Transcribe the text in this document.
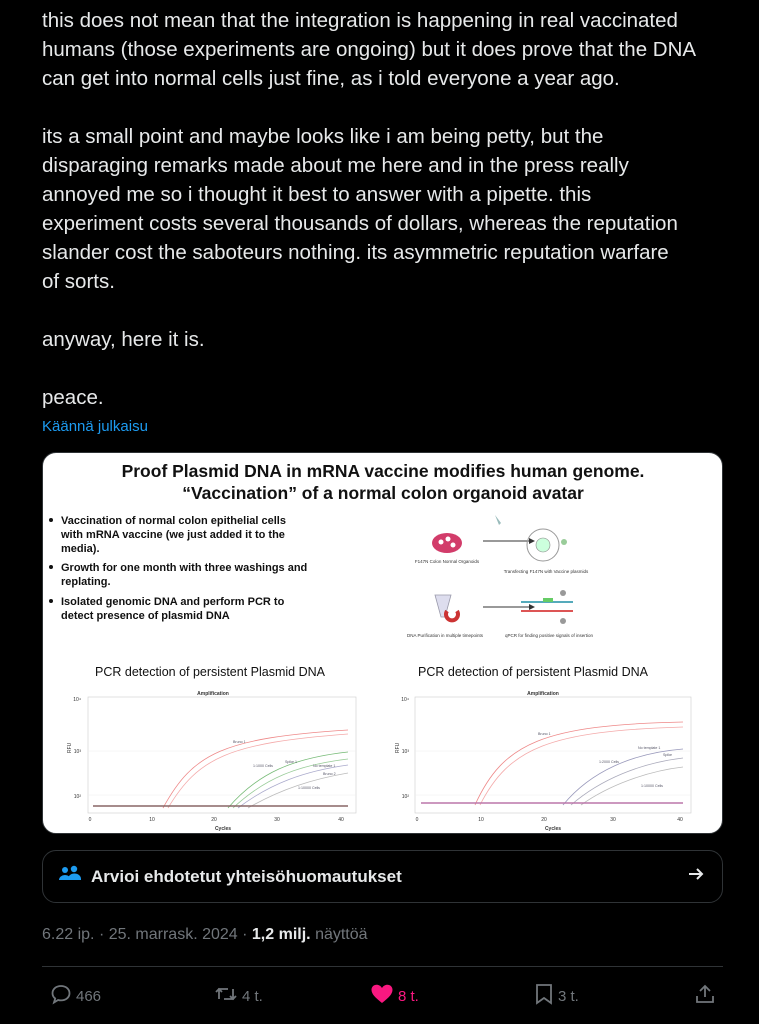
this does not mean that the integration is happening in real vaccinated
humans (those experiments are ongoing) but it does prove that the DNA
can get into normal cells just fine, as i told everyone a year ago.

its a small point and maybe looks like i am being petty, but the
disparaging remarks made about me here and in the press really
annoyed me so i thought it best to answer with a pipette. this
experiment costs several thousands of dollars, whereas the reputation
slander cost the saboteurs nothing. its asymmetric reputation warfare
of sorts.

anyway, here it is.

peace.

Käännä julkaisu
Proof Plasmid DNA in mRNA vaccine modifies human genome.
“Vaccination” of a normal colon organoid avatar
Vaccination of normal colon epithelial cells
with mRNA vaccine (we just added it to the
media).
Growth for one month with three washings and
replating.
Isolated genomic DNA and perform PCR to
detect presence of plasmid DNA
F147N Colon Normal Organoids
Transfecting F147N with Vaccine plasmids
DNA Purification in multiple timepoints	qPCR for finding positive signals of insertion
PCR detection of persistent Plasmid DNA	PCR detection of persistent Plasmid DNA
Amplification
RFU
10⁴
10³
10²
0	10	20	30	40
Cycles
Bruno 1
1:1000 Cells
Spike 1
No template 1
Bruno 2
1:10000 Cells
Amplification
RFU
10⁴
10³
10²
0	10	20	30	40
Cycles
Bruno 1
1:2000 Cells
No template 1
Spike
1:10000 Cells
Arvioi ehdotetut yhteisöhuomautukset
6.22 ip. · 25. marrask. 2024 · 1,2 milj. näyttöä
466	4 t.	8 t.	3 t.
